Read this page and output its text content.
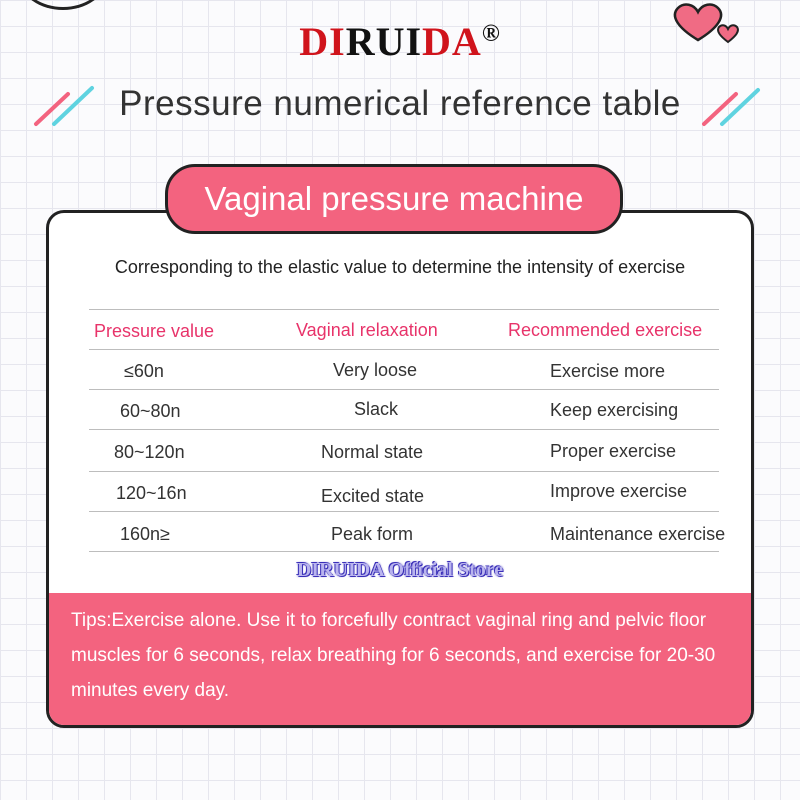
DIRUIDA®
Pressure numerical reference table
Vaginal pressure machine
Corresponding to the elastic value to determine the intensity of exercise
Pressure value	Vaginal relaxation	Recommended exercise
≤60n	Very loose	Exercise more
60~80n	Slack	Keep exercising
80~120n	Normal state	Proper exercise
120~16n	Excited state	Improve exercise
160n≥	Peak form	Maintenance exercise
DIRUIDA Official Store
Tips:Exercise alone. Use it to forcefully contract vaginal ring and pelvic floor muscles for 6 seconds, relax breathing for 6 seconds, and exercise for 20-30 minutes every day.
